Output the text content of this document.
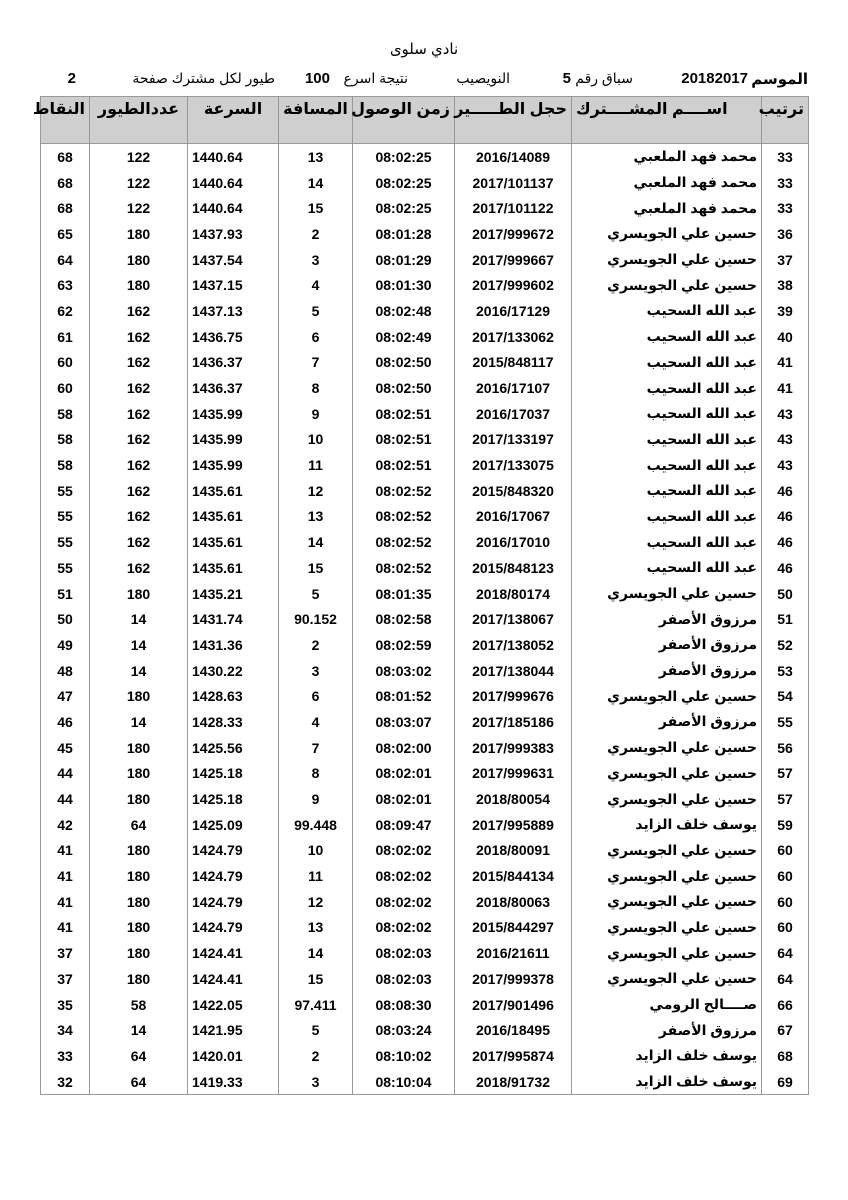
نادي سلوى
الموسم
20182017
سباق رقم
5
النويصيب
نتيجة اسرع
100
طيور لكل مشترك صفحة
2
ترتيب	اســــم المشــــترك	حجل الطـــــير	زمن الوصول	المسافة	السرعة	عددالطيور	النقاط
33	محمد فهد الملعبي	2016/14089	08:02:25	13	1440.64	122	68
33	محمد فهد الملعبي	2017/101137	08:02:25	14	1440.64	122	68
33	محمد فهد الملعبي	2017/101122	08:02:25	15	1440.64	122	68
36	حسين علي الجويسري	2017/999672	08:01:28	2	1437.93	180	65
37	حسين علي الجويسري	2017/999667	08:01:29	3	1437.54	180	64
38	حسين علي الجويسري	2017/999602	08:01:30	4	1437.15	180	63
39	عبد الله السحيب	2016/17129	08:02:48	5	1437.13	162	62
40	عبد الله السحيب	2017/133062	08:02:49	6	1436.75	162	61
41	عبد الله السحيب	2015/848117	08:02:50	7	1436.37	162	60
41	عبد الله السحيب	2016/17107	08:02:50	8	1436.37	162	60
43	عبد الله السحيب	2016/17037	08:02:51	9	1435.99	162	58
43	عبد الله السحيب	2017/133197	08:02:51	10	1435.99	162	58
43	عبد الله السحيب	2017/133075	08:02:51	11	1435.99	162	58
46	عبد الله السحيب	2015/848320	08:02:52	12	1435.61	162	55
46	عبد الله السحيب	2016/17067	08:02:52	13	1435.61	162	55
46	عبد الله السحيب	2016/17010	08:02:52	14	1435.61	162	55
46	عبد الله السحيب	2015/848123	08:02:52	15	1435.61	162	55
50	حسين علي الجويسري	2018/80174	08:01:35	5	1435.21	180	51
51	مرزوق الأصفر	2017/138067	08:02:58	90.152	1431.74	14	50
52	مرزوق الأصفر	2017/138052	08:02:59	2	1431.36	14	49
53	مرزوق الأصفر	2017/138044	08:03:02	3	1430.22	14	48
54	حسين علي الجويسري	2017/999676	08:01:52	6	1428.63	180	47
55	مرزوق الأصفر	2017/185186	08:03:07	4	1428.33	14	46
56	حسين علي الجويسري	2017/999383	08:02:00	7	1425.56	180	45
57	حسين علي الجويسري	2017/999631	08:02:01	8	1425.18	180	44
57	حسين علي الجويسري	2018/80054	08:02:01	9	1425.18	180	44
59	يوسف خلف الزايد	2017/995889	08:09:47	99.448	1425.09	64	42
60	حسين علي الجويسري	2018/80091	08:02:02	10	1424.79	180	41
60	حسين علي الجويسري	2015/844134	08:02:02	11	1424.79	180	41
60	حسين علي الجويسري	2018/80063	08:02:02	12	1424.79	180	41
60	حسين علي الجويسري	2015/844297	08:02:02	13	1424.79	180	41
64	حسين علي الجويسري	2016/21611	08:02:03	14	1424.41	180	37
64	حسين علي الجويسري	2017/999378	08:02:03	15	1424.41	180	37
66	صــــالح الرومي	2017/901496	08:08:30	97.411	1422.05	58	35
67	مرزوق الأصفر	2016/18495	08:03:24	5	1421.95	14	34
68	يوسف خلف الزايد	2017/995874	08:10:02	2	1420.01	64	33
69	يوسف خلف الزايد	2018/91732	08:10:04	3	1419.33	64	32
